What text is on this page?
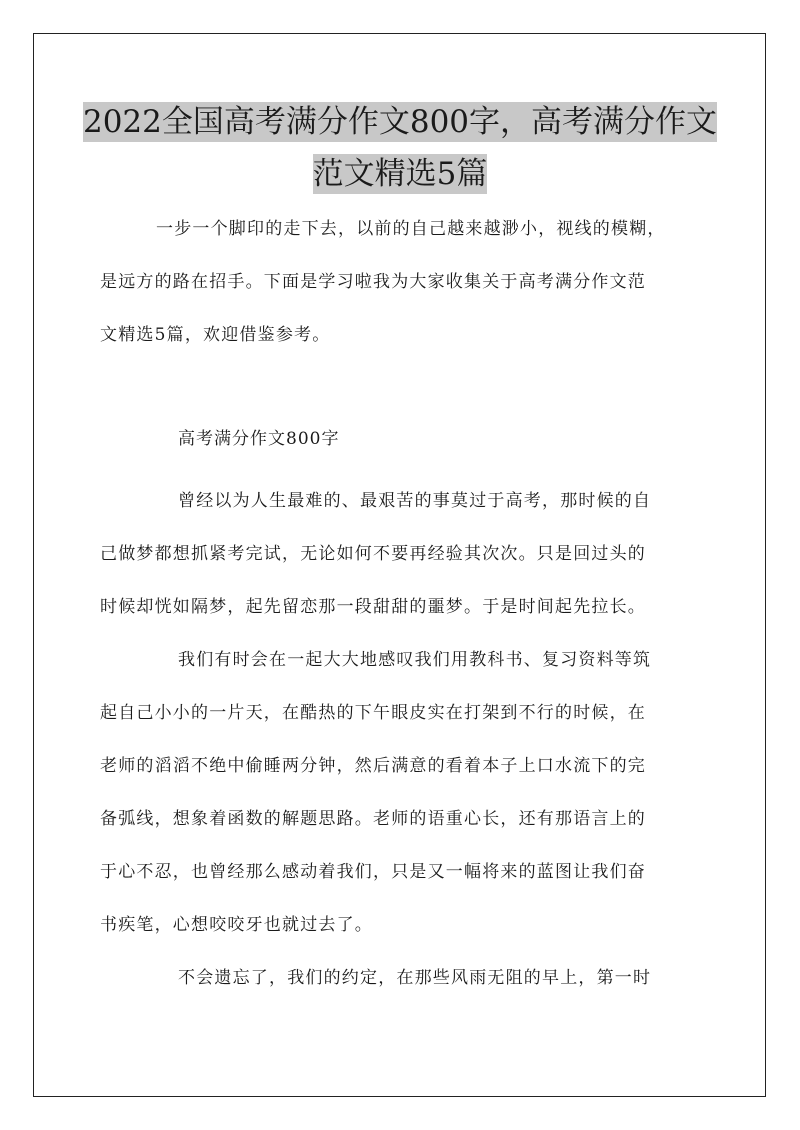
2022全国高考满分作文800字，高考满分作文
范文精选5篇
一步一个脚印的走下去，以前的自己越来越渺小，视线的模糊，
是远方的路在招手。下面是学习啦我为大家收集关于高考满分作文范
文精选5篇，欢迎借鉴参考。
高考满分作文800字
曾经以为人生最难的、最艰苦的事莫过于高考，那时候的自
己做梦都想抓紧考完试，无论如何不要再经验其次次。只是回过头的
时候却恍如隔梦，起先留恋那一段甜甜的噩梦。于是时间起先拉长。
我们有时会在一起大大地感叹我们用教科书、复习资料等筑
起自己小小的一片天，在酷热的下午眼皮实在打架到不行的时候，在
老师的滔滔不绝中偷睡两分钟，然后满意的看着本子上口水流下的完
备弧线，想象着函数的解题思路。老师的语重心长，还有那语言上的
于心不忍，也曾经那么感动着我们，只是又一幅将来的蓝图让我们奋
书疾笔，心想咬咬牙也就过去了。
不会遗忘了，我们的约定，在那些风雨无阻的早上，第一时
